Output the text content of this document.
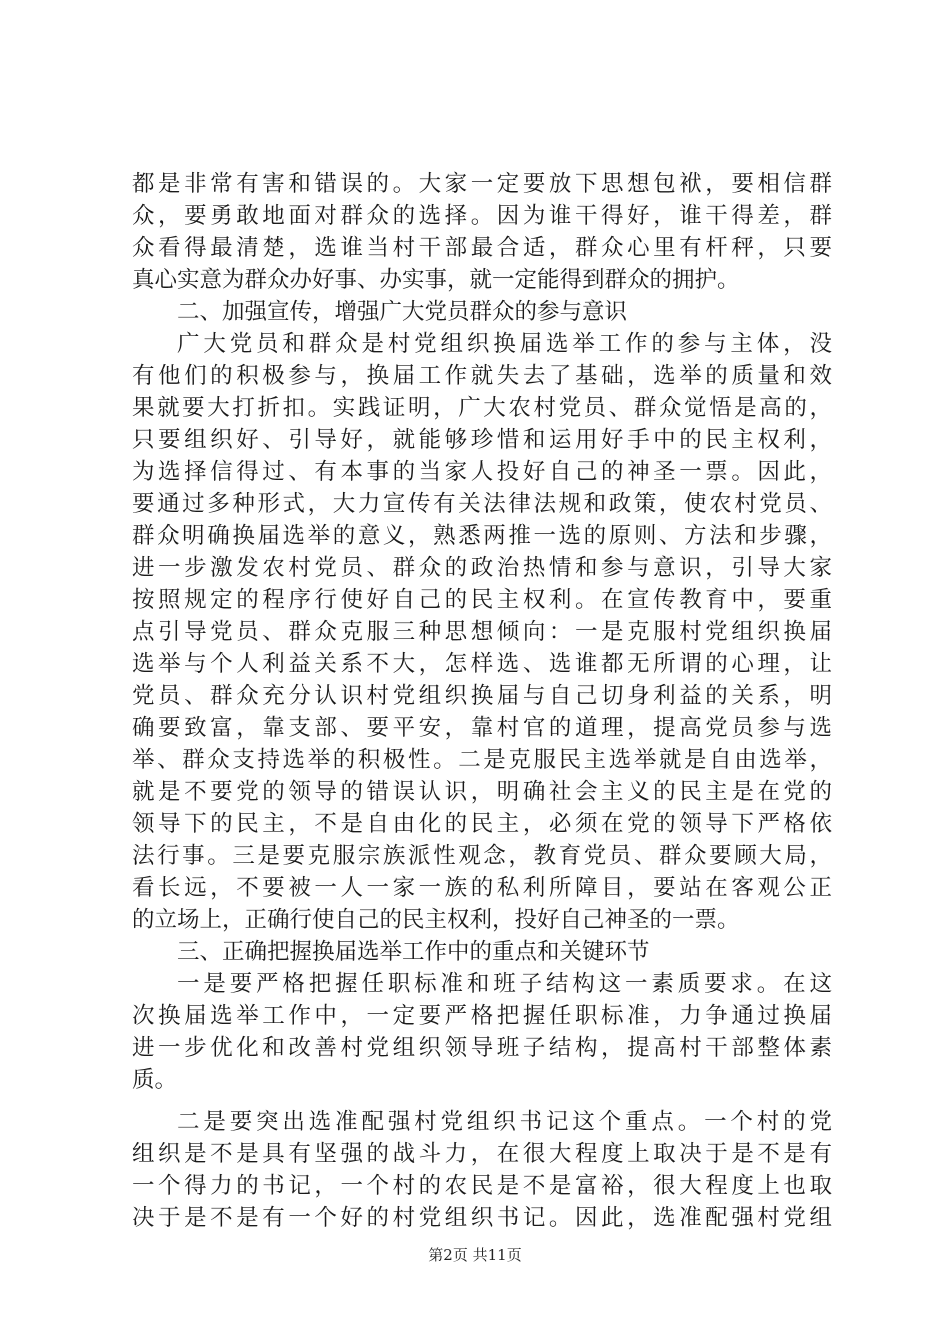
都是非常有害和错误的。大家一定要放下思想包袱，要相信群
众，要勇敢地面对群众的选择。因为谁干得好，谁干得差，群
众看得最清楚，选谁当村干部最合适，群众心里有杆秤，只要
真心实意为群众办好事、办实事，就一定能得到群众的拥护。
二、加强宣传，增强广大党员群众的参与意识
广大党员和群众是村党组织换届选举工作的参与主体，没
有他们的积极参与，换届工作就失去了基础，选举的质量和效
果就要大打折扣。实践证明，广大农村党员、群众觉悟是高的，
只要组织好、引导好，就能够珍惜和运用好手中的民主权利，
为选择信得过、有本事的当家人投好自己的神圣一票。因此，
要通过多种形式，大力宣传有关法律法规和政策，使农村党员、
群众明确换届选举的意义，熟悉两推一选的原则、方法和步骤，
进一步激发农村党员、群众的政治热情和参与意识，引导大家
按照规定的程序行使好自己的民主权利。在宣传教育中，要重
点引导党员、群众克服三种思想倾向：一是克服村党组织换届
选举与个人利益关系不大，怎样选、选谁都无所谓的心理，让
党员、群众充分认识村党组织换届与自己切身利益的关系，明
确要致富，靠支部、要平安，靠村官的道理，提高党员参与选
举、群众支持选举的积极性。二是克服民主选举就是自由选举，
就是不要党的领导的错误认识，明确社会主义的民主是在党的
领导下的民主，不是自由化的民主，必须在党的领导下严格依
法行事。三是要克服宗族派性观念，教育党员、群众要顾大局，
看长远，不要被一人一家一族的私利所障目，要站在客观公正
的立场上，正确行使自己的民主权利，投好自己神圣的一票。
三、正确把握换届选举工作中的重点和关键环节
一是要严格把握任职标准和班子结构这一素质要求。在这
次换届选举工作中，一定要严格把握任职标准，力争通过换届
进一步优化和改善村党组织领导班子结构，提高村干部整体素
质。
二是要突出选准配强村党组织书记这个重点。一个村的党
组织是不是具有坚强的战斗力，在很大程度上取决于是不是有
一个得力的书记，一个村的农民是不是富裕，很大程度上也取
决于是不是有一个好的村党组织书记。因此，选准配强村党组
第2页 共11页
